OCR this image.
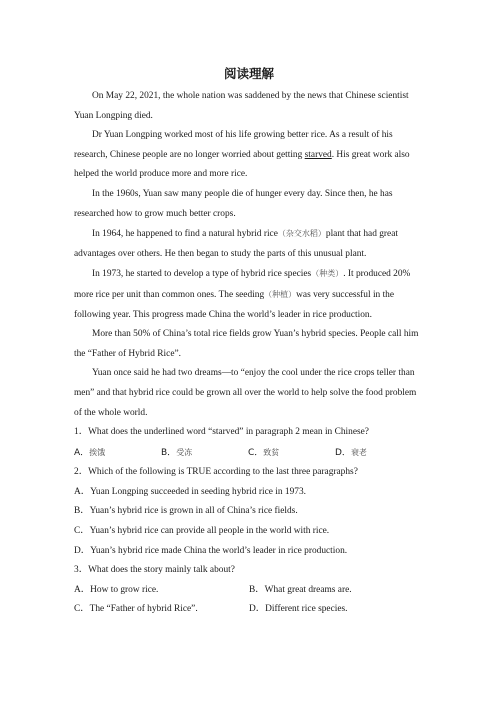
阅读理解

On May 22, 2021, the whole nation was saddened by the news that Chinese scientist Yuan Longping died.

Dr Yuan Longping worked most of his life growing better rice. As a result of his research, Chinese people are no longer worried about getting starved. His great work also helped the world produce more and more rice.

In the 1960s, Yuan saw many people die of hunger every day. Since then, he has researched how to grow much better crops.

In 1964, he happened to find a natural hybrid rice（杂交水稻）plant that had great advantages over others. He then began to study the parts of this unusual plant.

In 1973, he started to develop a type of hybrid rice species（种类）. It produced 20% more rice per unit than common ones. The seeding（种植）was very successful in the following year. This progress made China the world’s leader in rice production.

More than 50% of China’s total rice fields grow Yuan’s hybrid species. People call him the “Father of Hybrid Rice”.

Yuan once said he had two dreams—to “enjoy the cool under the rice crops teller than men” and that hybrid rice could be grown all over the world to help solve the food problem of the whole world.

1．What does the underlined word “starved” in paragraph 2 mean in Chinese?

A．挨饿	B．受冻	C．致贫	D．衰老

2．Which of the following is TRUE according to the last three paragraphs?

A．Yuan Longping succeeded in seeding hybrid rice in 1973.

B．Yuan’s hybrid rice is grown in all of China’s rice fields.

C．Yuan’s hybrid rice can provide all people in the world with rice.

D．Yuan’s hybrid rice made China the world’s leader in rice production.

3．What does the story mainly talk about?

A．How to grow rice.	B．What great dreams are.
C．The “Father of hybrid Rice”.	D．Different rice species.
